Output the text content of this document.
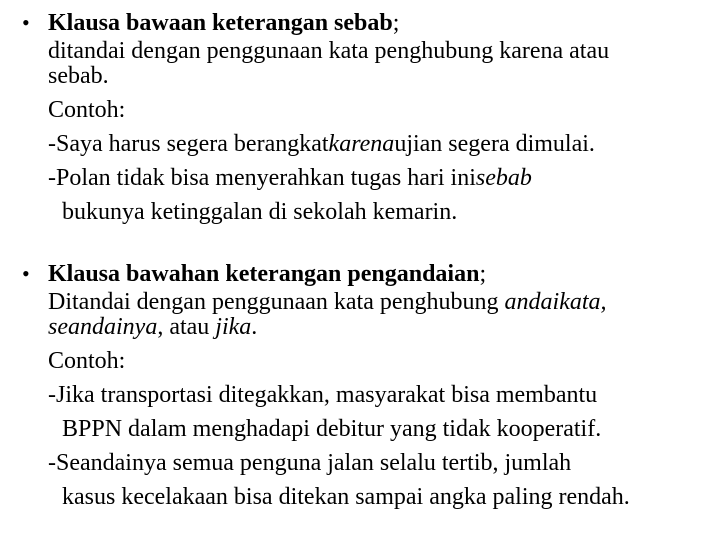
• Klausa bawaan keterangan sebab;
ditandai dengan penggunaan kata penghubung karena atau
sebab.
Contoh:
-Saya harus segera berangkat karena ujian segera dimulai.
-Polan tidak bisa menyerahkan tugas hari ini sebab
bukunya ketinggalan di sekolah kemarin.
• Klausa bawahan keterangan pengandaian;
Ditandai dengan penggunaan kata penghubung andaikata,
seandainya, atau jika.
Contoh:
-Jika transportasi ditegakkan, masyarakat bisa membantu
BPPN dalam menghadapi debitur yang tidak kooperatif.
-Seandainya semua penguna jalan selalu tertib, jumlah
kasus kecelakaan bisa ditekan sampai angka paling rendah.
